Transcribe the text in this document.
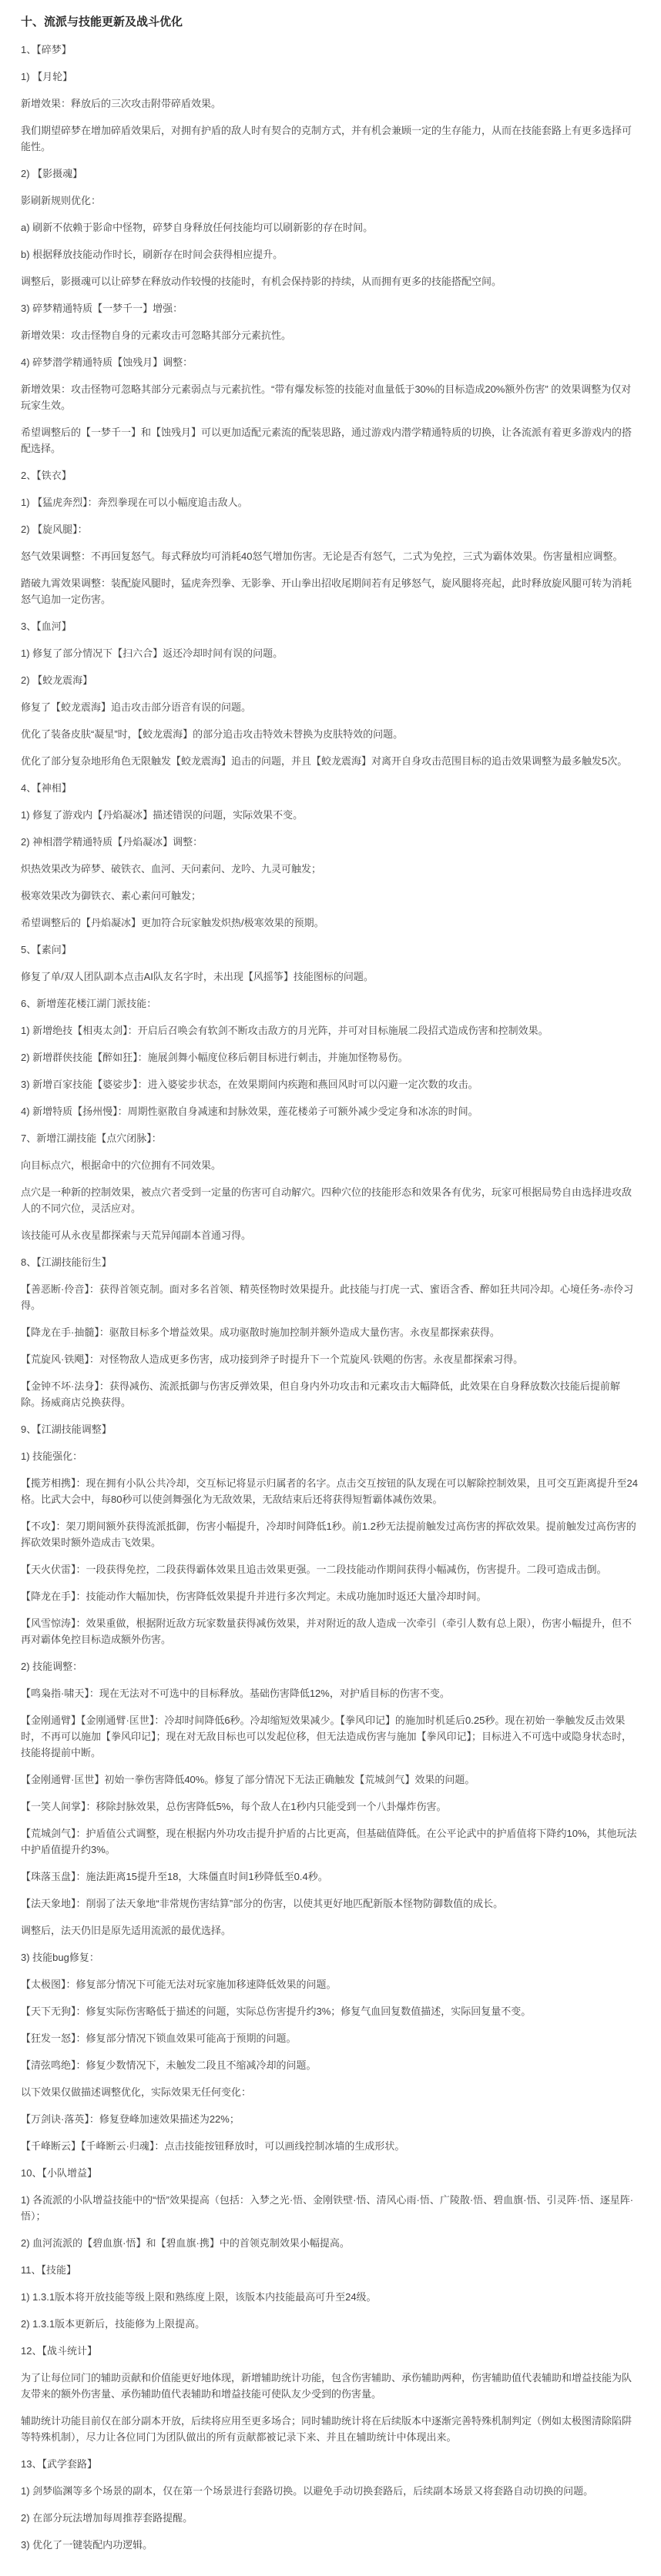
十、流派与技能更新及战斗优化

1、【碎梦】

1) 【月轮】

新增效果：释放后的三次攻击附带碎盾效果。

我们期望碎梦在增加碎盾效果后，对拥有护盾的敌人时有契合的克制方式，并有机会兼顾一定的生存能力，从而在技能套路上有更多选择可能性。

2) 【影摄魂】

影刷新规则优化：

a) 刷新不依赖于影命中怪物，碎梦自身释放任何技能均可以刷新影的存在时间。

b) 根据释放技能动作时长，刷新存在时间会获得相应提升。

调整后，影摄魂可以让碎梦在释放动作较慢的技能时，有机会保持影的持续，从而拥有更多的技能搭配空间。

3) 碎梦精通特质【一梦千一】增强：

新增效果：攻击怪物自身的元素攻击可忽略其部分元素抗性。

4) 碎梦潜学精通特质【蚀残月】调整：

新增效果：攻击怪物可忽略其部分元素弱点与元素抗性。“带有爆发标签的技能对血量低于30%的目标造成20%额外伤害” 的效果调整为仅对玩家生效。

希望调整后的【一梦千一】和【蚀残月】可以更加适配元素流的配装思路，通过游戏内潜学精通特质的切换，让各流派有着更多游戏内的搭配选择。

2、【铁衣】

1) 【猛虎奔烈】：奔烈拳现在可以小幅度追击敌人。

2) 【旋风腿】：

怒气效果调整：不再回复怒气。每式释放均可消耗40怒气增加伤害。无论是否有怒气，二式为免控，三式为霸体效果。伤害量相应调整。

踏破九霄效果调整：装配旋风腿时，猛虎奔烈拳、无影拳、开山拳出招收尾期间若有足够怒气，旋风腿将亮起，此时释放旋风腿可转为消耗怒气追加一定伤害。

3、【血河】

1) 修复了部分情况下【扫六合】返还冷却时间有误的问题。

2) 【蛟龙震海】

修复了【蛟龙震海】追击攻击部分语音有误的问题。

优化了装备皮肤“凝星”时，【蛟龙震海】的部分追击攻击特效未替换为皮肤特效的问题。

优化了部分复杂地形角色无限触发【蛟龙震海】追击的问题，并且【蛟龙震海】对离开自身攻击范围目标的追击效果调整为最多触发5次。

4、【神相】

1) 修复了游戏内【丹焰凝冰】描述错误的问题，实际效果不变。

2) 神相潜学精通特质【丹焰凝冰】调整：

炽热效果改为碎梦、破铁衣、血河、天问素问、龙吟、九灵可触发；

极寒效果改为御铁衣、素心素问可触发；

希望调整后的【丹焰凝冰】更加符合玩家触发炽热/极寒效果的预期。

5、【素问】

修复了单/双人团队副本点击AI队友名字时，未出现【风摇筝】技能图标的问题。

6、新增莲花楼江湖门派技能：

1) 新增绝技【相夷太剑】：开启后召唤会有软剑不断攻击敌方的月光阵，并可对目标施展二段招式造成伤害和控制效果。

2) 新增群侠技能【醉如狂】：施展剑舞小幅度位移后朝目标进行刺击，并施加怪物易伤。

3) 新增百家技能【婆娑步】：进入婆娑步状态，在效果期间内疾跑和燕回风时可以闪避一定次数的攻击。

4) 新增特质【扬州慢】：周期性驱散自身减速和封脉效果，莲花楼弟子可额外减少受定身和冰冻的时间。

7、新增江湖技能【点穴闭脉】：

向目标点穴，根据命中的穴位拥有不同效果。

点穴是一种新的控制效果，被点穴者受到一定量的伤害可自动解穴。四种穴位的技能形态和效果各有优劣，玩家可根据局势自由选择进攻敌人的不同穴位，灵活应对。

该技能可从永夜星都探索与天荒异闻副本首通习得。

8、【江湖技能衍生】

【善恶断·伶音】：获得首领克制。面对多名首领、精英怪物时效果提升。此技能与打虎一式、蜜语含香、醉如狂共同冷却。心境任务-赤伶习得。

【降龙在手·抽髓】：驱散目标多个增益效果。成功驱散时施加控制并额外造成大量伤害。永夜星都探索获得。

【荒旋风·铁飓】：对怪物敌人造成更多伤害，成功接到斧子时提升下一个荒旋风·铁飓的伤害。永夜星都探索习得。

【金钟不坏·法身】：获得减伤、流派抵御与伤害反弹效果，但自身内外功攻击和元素攻击大幅降低，此效果在自身释放数次技能后提前解除。扬威商店兑换获得。

9、【江湖技能调整】

1) 技能强化：

【揽芳相携】：现在拥有小队公共冷却，交互标记将显示归属者的名字。点击交互按钮的队友现在可以解除控制效果，且可交互距离提升至24格。比武大会中，每80秒可以使剑舞强化为无敌效果，无敌结束后还将获得短暂霸体减伤效果。

【不攻】：架刀期间额外获得流派抵御，伤害小幅提升，冷却时间降低1秒。前1.2秒无法提前触发过高伤害的挥砍效果。提前触发过高伤害的挥砍效果时额外造成击飞效果。

【天火伏雷】：一段获得免控，二段获得霸体效果且追击效果更强。一二段技能动作期间获得小幅减伤，伤害提升。二段可造成击倒。

【降龙在手】：技能动作大幅加快，伤害降低效果提升并进行多次判定。未成功施加时返还大量冷却时间。

【风雪惊涛】：效果重做，根据附近敌方玩家数量获得减伤效果，并对附近的敌人造成一次牵引（牵引人数有总上限），伤害小幅提升，但不再对霸体免控目标造成额外伤害。

2) 技能调整：

【鸣枭指·啸天】：现在无法对不可选中的目标释放。基础伤害降低12%，对护盾目标的伤害不变。

【金刚通臂】【金刚通臂·匡世】：冷却时间降低6秒。冷却缩短效果减少。【拳风印记】的施加时机延后0.25秒。现在初始一拳触发反击效果时，不再可以施加【拳风印记】；现在对无敌目标也可以发起位移，但无法造成伤害与施加【拳风印记】；目标进入不可选中或隐身状态时，技能将提前中断。

【金刚通臂·匡世】初始一拳伤害降低40%。修复了部分情况下无法正确触发【荒城剑气】效果的问题。

【一笑人间掌】：移除封脉效果，总伤害降低5%，每个敌人在1秒内只能受到一个八卦爆炸伤害。

【荒城剑气】：护盾值公式调整，现在根据内外功攻击提升护盾的占比更高，但基础值降低。在公平论武中的护盾值将下降约10%，其他玩法中护盾值提升约3%。

【珠落玉盘】：施法距离15提升至18，大珠僵直时间1秒降低至0.4秒。

【法天象地】：削弱了法天象地“非常规伤害结算”部分的伤害，以使其更好地匹配新版本怪物防御数值的成长。

调整后，法天仍旧是原先适用流派的最优选择。

3) 技能bug修复：

【太极图】：修复部分情况下可能无法对玩家施加移速降低效果的问题。

【天下无狗】：修复实际伤害略低于描述的问题，实际总伤害提升约3%；修复气血回复数值描述，实际回复量不变。

【狂发一怒】：修复部分情况下锁血效果可能高于预期的问题。

【清弦鸣绝】：修复少数情况下，未触发二段且不缩减冷却的问题。

以下效果仅做描述调整优化，实际效果无任何变化：

【万剑诀·落英】：修复登峰加速效果描述为22%；

【千峰断云】【千峰断云·归魂】：点击技能按钮释放时，可以画线控制冰墙的生成形状。

10、【小队增益】

1) 各流派的小队增益技能中的“悟”效果提高（包括：入梦之光·悟、金刚铁壁·悟、清风心雨·悟、广陵散·悟、碧血旗·悟、引灵阵·悟、逐星阵·悟）；

2) 血河流派的【碧血旗·悟】和【碧血旗·携】中的首领克制效果小幅提高。

11、【技能】

1) 1.3.1版本将开放技能等级上限和熟练度上限，该版本内技能最高可升至24级。

2) 1.3.1版本更新后，技能修为上限提高。

12、【战斗统计】

为了让每位同门的辅助贡献和价值能更好地体现，新增辅助统计功能，包含伤害辅助、承伤辅助两种，伤害辅助值代表辅助和增益技能为队友带来的额外伤害量、承伤辅助值代表辅助和增益技能可使队友少受到的伤害量。

辅助统计功能目前仅在部分副本开放，后续将应用至更多场合；同时辅助统计将在后续版本中逐渐完善特殊机制判定（例如太极图清除陷阱等特殊机制），尽力让各位同门为团队做出的所有贡献都被记录下来、并且在辅助统计中体现出来。

13、【武学套路】

1) 剑梦临渊等多个场景的副本，仅在第一个场景进行套路切换。以避免手动切换套路后，后续副本场景又将套路自动切换的问题。

2) 在部分玩法增加每周推荐套路提醒。

3) 优化了一键装配内功逻辑。
